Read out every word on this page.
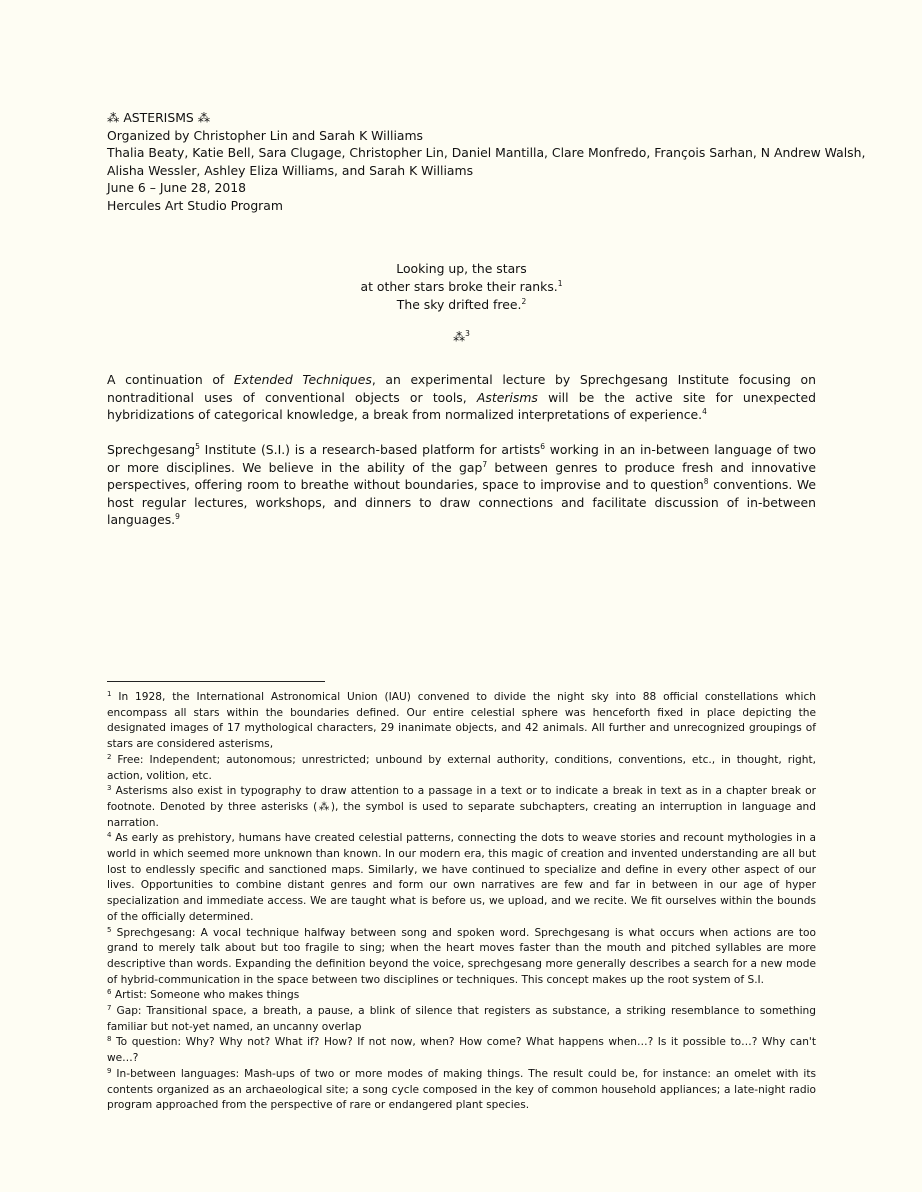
⁂ ASTERISMS ⁂
Organized by Christopher Lin and Sarah K Williams
Thalia Beaty, Katie Bell, Sara Clugage, Christopher Lin, Daniel Mantilla, Clare Monfredo, François Sarhan, N Andrew Walsh,
Alisha Wessler, Ashley Eliza Williams, and Sarah K Williams
June 6 – June 28, 2018
Hercules Art Studio Program
Looking up, the stars
at other stars broke their ranks.$^1$
The sky drifted free.$^2$
⁂$^3$

A continuation of Extended Techniques, an experimental lecture by Sprechgesang Institute focusing on nontraditional uses of conventional objects or tools, Asterisms will be the active site for unexpected hybridizations of categorical knowledge, a break from normalized interpretations of experience.$^4$

Sprechgesang$^5$ Institute (S.I.) is a research-based platform for artists$^6$ working in an in-between language of two or more disciplines. We believe in the ability of the gap$^7$ between genres to produce fresh and innovative perspectives, offering room to breathe without boundaries, space to improvise and to question$^8$ conventions. We host regular lectures, workshops, and dinners to draw connections and facilitate discussion of in-between languages.$^9$

$^1$ In 1928, the International Astronomical Union (IAU) convened to divide the night sky into 88 official constellations which encompass all stars within the boundaries defined. Our entire celestial sphere was henceforth fixed in place depicting the designated images of 17 mythological characters, 29 inanimate objects, and 42 animals. All further and unrecognized groupings of stars are considered asterisms,

$^2$ Free: Independent; autonomous; unrestricted; unbound by external authority, conditions, conventions, etc., in thought, right, action, volition, etc.

$^3$ Asterisms also exist in typography to draw attention to a passage in a text or to indicate a break in text as in a chapter break or footnote. Denoted by three asterisks (⁂), the symbol is used to separate subchapters, creating an interruption in language and narration.

$^4$ As early as prehistory, humans have created celestial patterns, connecting the dots to weave stories and recount mythologies in a world in which seemed more unknown than known. In our modern era, this magic of creation and invented understanding are all but lost to endlessly specific and sanctioned maps. Similarly, we have continued to specialize and define in every other aspect of our lives. Opportunities to combine distant genres and form our own narratives are few and far in between in our age of hyper specialization and immediate access. We are taught what is before us, we upload, and we recite. We fit ourselves within the bounds of the officially determined.

$^5$ Sprechgesang: A vocal technique halfway between song and spoken word. Sprechgesang is what occurs when actions are too grand to merely talk about but too fragile to sing; when the heart moves faster than the mouth and pitched syllables are more descriptive than words. Expanding the definition beyond the voice, sprechgesang more generally describes a search for a new mode of hybrid-communication in the space between two disciplines or techniques. This concept makes up the root system of S.I.

$^6$ Artist: Someone who makes things

$^7$ Gap: Transitional space, a breath, a pause, a blink of silence that registers as substance, a striking resemblance to something familiar but not-yet named, an uncanny overlap

$^8$ To question: Why? Why not? What if? How? If not now, when? How come? What happens when…? Is it possible to…? Why can't we…?

$^9$ In-between languages: Mash-ups of two or more modes of making things. The result could be, for instance: an omelet with its contents organized as an archaeological site; a song cycle composed in the key of common household appliances; a late-night radio program approached from the perspective of rare or endangered plant species.
